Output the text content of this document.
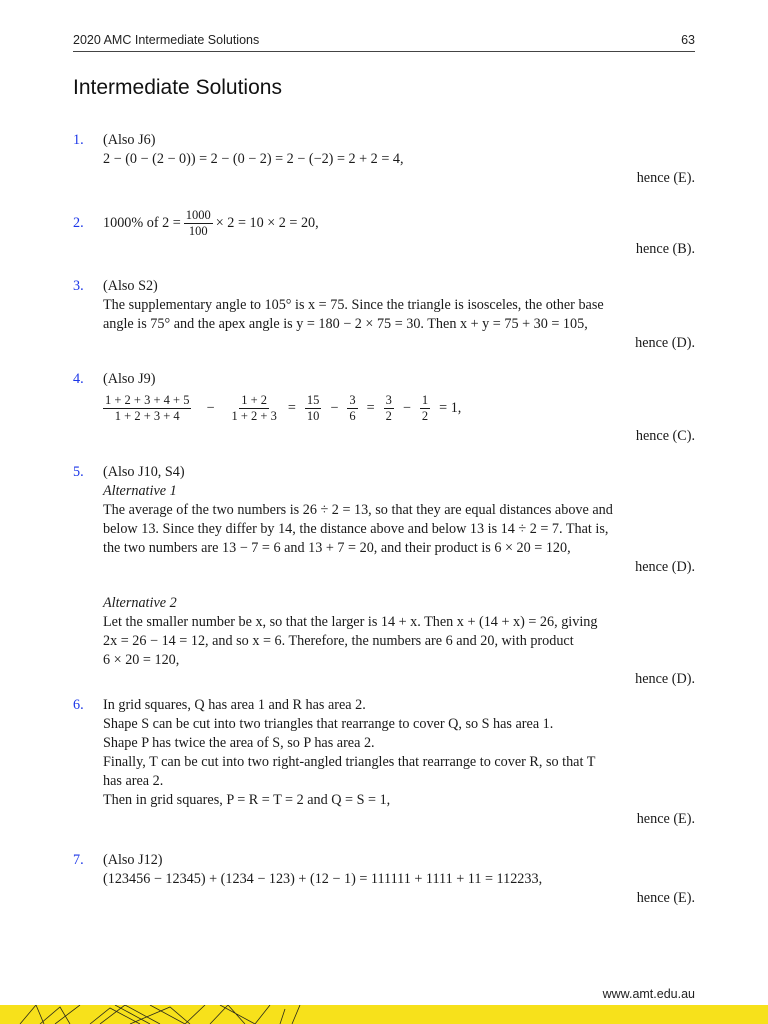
2020 AMC Intermediate Solutions	63
Intermediate Solutions
1.	(Also J6)
2 − (0 − (2 − 0)) = 2 − (0 − 2) = 2 − (−2) = 2 + 2 = 4,
hence (E).
2.	1000% of $2 = \frac{1000}{100} \times 2 = 10 \times 2 = 20$,
hence (B).
3.	(Also S2)
The supplementary angle to 105° is x = 75. Since the triangle is isosceles, the other base
angle is 75° and the apex angle is y = 180 − 2 × 75 = 30. Then x + y = 75 + 30 = 105,
hence (D).
4.	(Also J9)
$\frac{1 + 2 + 3 + 4 + 5}{1 + 2 + 3 + 4} - \frac{1 + 2}{1 + 2 + 3} = \frac{15}{10} - \frac{3}{6} = \frac{3}{2} - \frac{1}{2} = 1$,
hence (C).
5.	(Also J10, S4)
Alternative 1
The average of the two numbers is 26 ÷ 2 = 13, so that they are equal distances above and
below 13. Since they differ by 14, the distance above and below 13 is 14 ÷ 2 = 7. That is,
the two numbers are 13 − 7 = 6 and 13 + 7 = 20, and their product is 6 × 20 = 120,
hence (D).
Alternative 2
Let the smaller number be x, so that the larger is 14 + x. Then x + (14 + x) = 26, giving
2x = 26 − 14 = 12, and so x = 6. Therefore, the numbers are 6 and 20, with product
6 × 20 = 120,
hence (D).
6.	In grid squares, Q has area 1 and R has area 2.
Shape S can be cut into two triangles that rearrange to cover Q, so S has area 1.
Shape P has twice the area of S, so P has area 2.
Finally, T can be cut into two right-angled triangles that rearrange to cover R, so that T
has area 2.
Then in grid squares, P = R = T = 2 and Q = S = 1,
hence (E).
7.	(Also J12)
(123456 − 12345) + (1234 − 123) + (12 − 1) = 111111 + 1111 + 11 = 112233,
hence (E).
www.amt.edu.au
